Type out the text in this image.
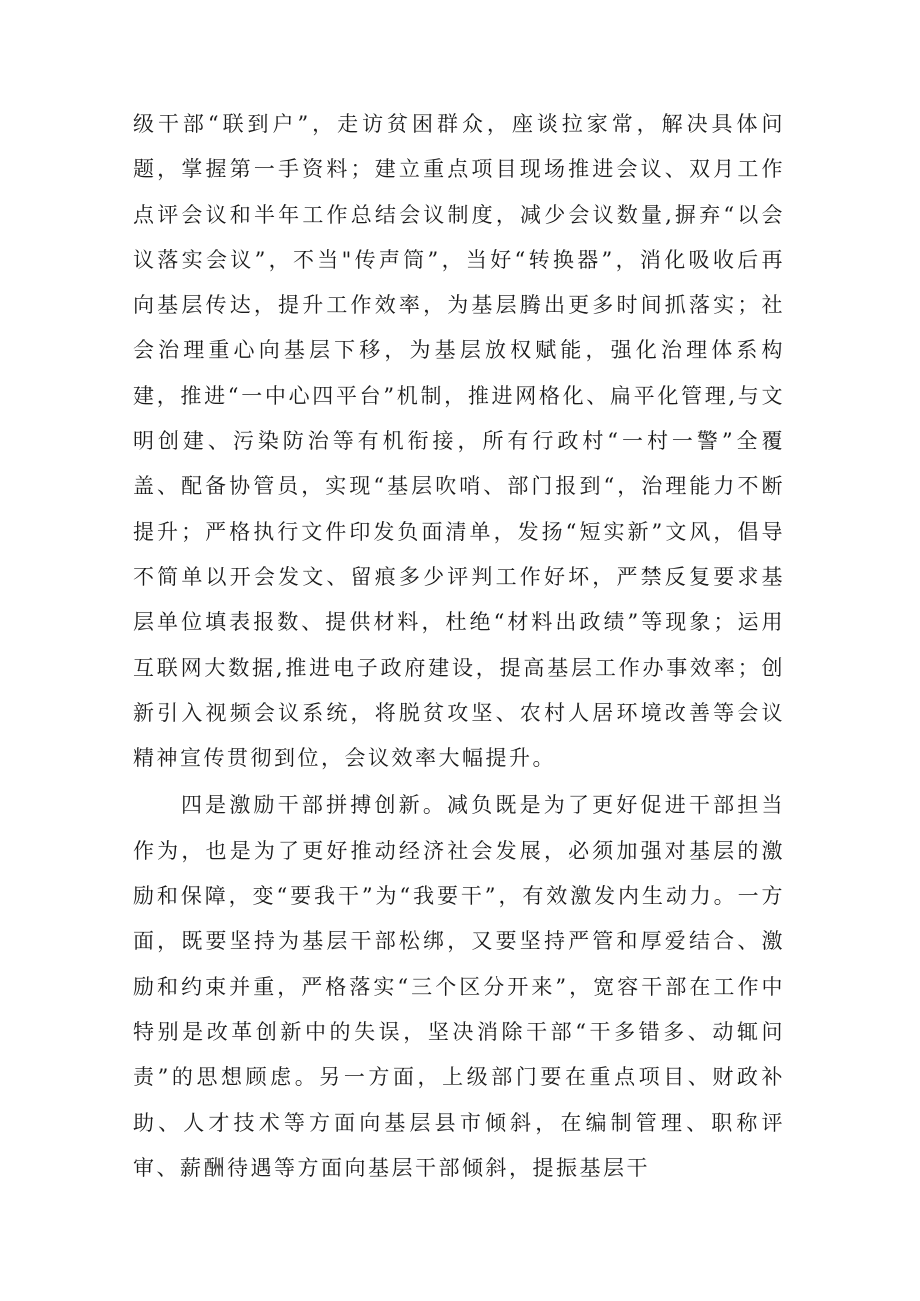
级干部“联到户”，走访贫困群众，座谈拉家常，解决具体问题，掌握第一手资料；建立重点项目现场推进会议、双月工作点评会议和半年工作总结会议制度，减少会议数量,摒弃“以会议落实会议”，不当"传声筒”，当好“转换器”，消化吸收后再向基层传达，提升工作效率，为基层腾出更多时间抓落实；社会治理重心向基层下移，为基层放权赋能，强化治理体系构建，推进“一中心四平台”机制，推进网格化、扁平化管理,与文明创建、污染防治等有机衔接，所有行政村“一村一警”全覆盖、配备协管员，实现“基层吹哨、部门报到“，治理能力不断提升；严格执行文件印发负面清单，发扬“短实新”文风，倡导不简单以开会发文、留痕多少评判工作好坏，严禁反复要求基层单位填表报数、提供材料，杜绝“材料出政绩”等现象；运用互联网大数据,推进电子政府建设，提高基层工作办事效率；创新引入视频会议系统，将脱贫攻坚、农村人居环境改善等会议精神宣传贯彻到位，会议效率大幅提升。

四是激励干部拼搏创新。减负既是为了更好促进干部担当作为，也是为了更好推动经济社会发展，必须加强对基层的激励和保障，变“要我干”为“我要干”，有效激发内生动力。一方面，既要坚持为基层干部松绑，又要坚持严管和厚爱结合、激励和约束并重，严格落实“三个区分开来”，宽容干部在工作中特别是改革创新中的失误，坚决消除干部“干多错多、动辄问责”的思想顾虑。另一方面，上级部门要在重点项目、财政补助、人才技术等方面向基层县市倾斜，在编制管理、职称评审、薪酬待遇等方面向基层干部倾斜，提振基层干
